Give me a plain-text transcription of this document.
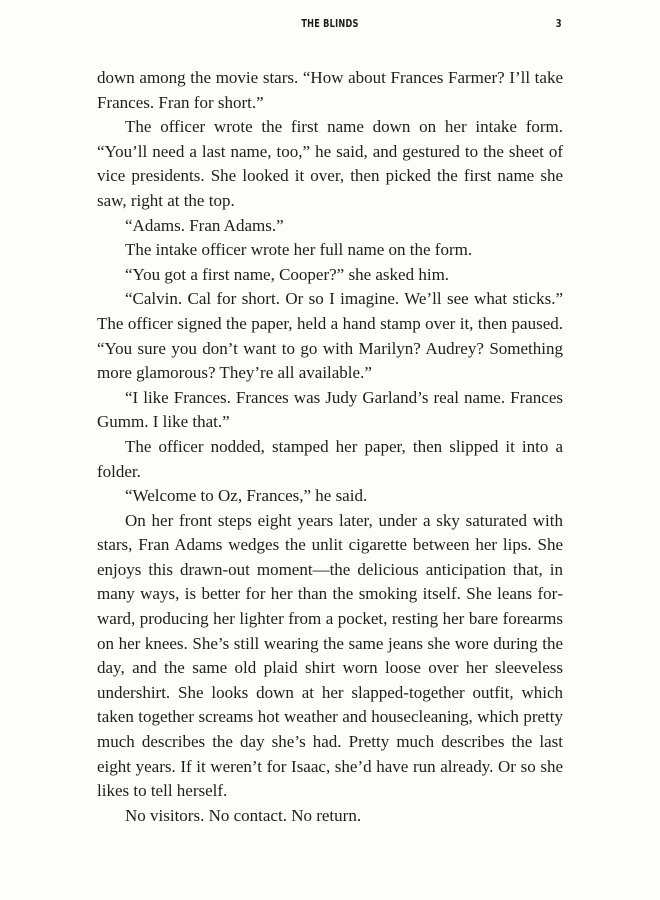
THE BLINDS	3

down among the movie stars. “How about Frances Farmer? I’ll take Frances. Fran for short.”

The officer wrote the first name down on her intake form. “You’ll need a last name, too,” he said, and gestured to the sheet of vice presidents. She looked it over, then picked the first name she saw, right at the top.

“Adams. Fran Adams.”

The intake officer wrote her full name on the form.

“You got a first name, Cooper?” she asked him.

“Calvin. Cal for short. Or so I imagine. We’ll see what sticks.” The officer signed the paper, held a hand stamp over it, then paused. “You sure you don’t want to go with Marilyn? Audrey? Something more glamorous? They’re all available.”

“I like Frances. Frances was Judy Garland’s real name. Frances Gumm. I like that.”

The officer nodded, stamped her paper, then slipped it into a folder.

“Welcome to Oz, Frances,” he said.

On her front steps eight years later, under a sky saturated with stars, Fran Adams wedges the unlit cigarette between her lips. She enjoys this drawn-out moment—the delicious anticipation that, in many ways, is better for her than the smoking itself. She leans forward, producing her lighter from a pocket, resting her bare forearms on her knees. She’s still wearing the same jeans she wore during the day, and the same old plaid shirt worn loose over her sleeveless undershirt. She looks down at her slapped-together outfit, which taken together screams hot weather and housecleaning, which pretty much describes the day she’s had. Pretty much describes the last eight years. If it weren’t for Isaac, she’d have run already. Or so she likes to tell herself.

No visitors. No contact. No return.
